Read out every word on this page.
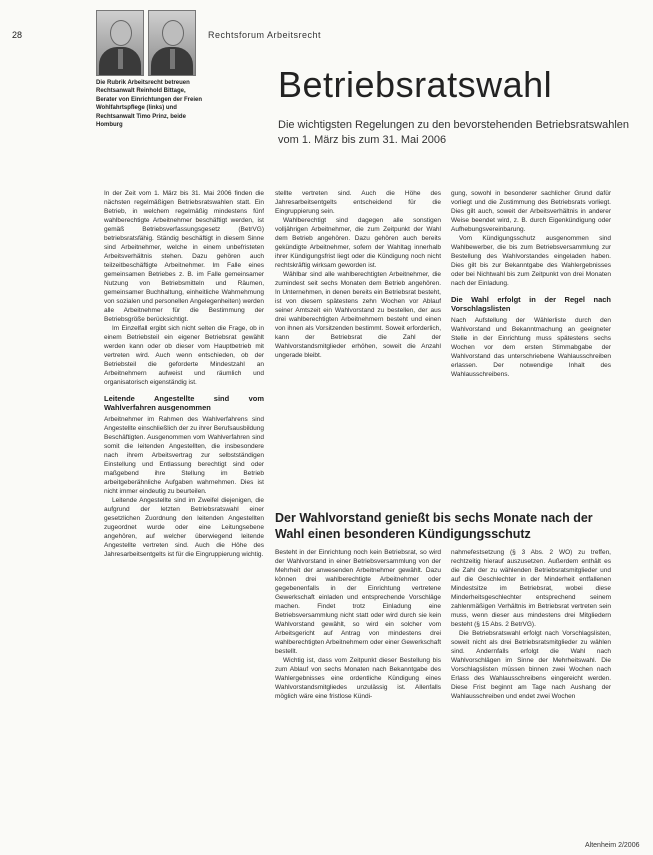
28	Rechtsforum Arbeitsrecht
Die Rubrik Arbeitsrecht betreuen Rechtsanwalt Reinhold Bittage, Berater von Einrichtungen der Freien Wohlfahrtspflege (links) und Rechtsanwalt Timo Prinz, beide Homburg
Betriebsratswahl
Die wichtigsten Regelungen zu den bevorstehenden Betriebsratswahlen vom 1. März bis zum 31. Mai 2006

In der Zeit vom 1. März bis 31. Mai 2006 finden die nächsten regelmäßigen Betriebsratswahlen statt. Ein Betrieb, in welchem regelmäßig mindestens fünf wahlberechtigte Arbeitnehmer beschäftigt werden, ist gemäß Betriebsverfassungsgesetz (BetrVG) betriebsratsfähig. Ständig beschäftigt in diesem Sinne sind Arbeitnehmer, welche in einem unbefristeten Arbeitsverhältnis stehen. Dazu gehören auch teilzeitbeschäftigte Arbeitnehmer. Im Falle eines gemeinsamen Betriebes z. B. im Falle gemeinsamer Nutzung von Betriebsmitteln und Räumen, gemeinsamer Buchhaltung, einheitliche Wahrnehmung von sozialen und personellen Angelegenheiten) werden alle Arbeitnehmer für die Bestimmung der Betriebsgröße berücksichtigt.

Im Einzelfall ergibt sich nicht selten die Frage, ob in einem Betriebsteil ein eigener Betriebsrat gewählt werden kann oder ob dieser vom Hauptbetrieb mit vertreten wird. Auch wenn entschieden, ob der Betriebsteil die geforderte Mindestzahl an Arbeitnehmern aufweist und räumlich und organisatorisch eigenständig ist.

Leitende Angestellte sind vom Wahlverfahren ausgenommen

Arbeitnehmer im Rahmen des Wahlverfahrens sind Angestellte einschließlich der zu ihrer Berufsausbildung Beschäftigten. Ausgenommen vom Wahlverfahren sind somit die leitenden Angestellten, die insbesondere nach ihrem Arbeitsvertrag zur selbstständigen Einstellung und Entlassung berechtigt sind oder maßgebend ihre Stellung im Betrieb arbeitgeberähnliche Aufgaben wahrnehmen. Dies ist nicht immer eindeutig zu beurteilen.

Leitende Angestellte sind im Zweifel diejenigen, die aufgrund der letzten Betriebsratswahl einer gesetzlichen Zuordnung den leitenden Angestellten zugeordnet wurde oder eine Leitungsebene angehören, auf welcher überwiegend leitende Angestellte vertreten sind. Auch die Höhe des Jahresarbeitsentgelts ist für die Eingruppierung wichtig.

stellte vertreten sind. Auch die Höhe des Jahresarbeitsentgelts entscheidend für die Eingruppierung sein.

Wahlberechtigt sind dagegen alle sonstigen volljährigen Arbeitnehmer, die zum Zeitpunkt der Wahl dem Betrieb angehören. Dazu gehören auch bereits gekündigte Arbeitnehmer, sofern der Wahltag innerhalb ihrer Kündigungsfrist liegt oder die Kündigung noch nicht rechtskräftig wirksam geworden ist.

Wählbar sind alle wahlberechtigten Arbeitnehmer, die zumindest seit sechs Monaten dem Betrieb angehören. In Unternehmen, in denen bereits ein Betriebsrat besteht, ist von diesem spätestens zehn Wochen vor Ablauf seiner Amtszeit ein Wahlvorstand zu bestellen, der aus drei wahlberechtigten Arbeitnehmern besteht und einen von ihnen als Vorsitzenden bestimmt. Soweit erforderlich, kann der Betriebsrat die Zahl der Wahlvorstandsmitglieder erhöhen, soweit die Anzahl ungerade bleibt.

gung, sowohl in besonderer sachlicher Grund dafür vorliegt und die Zustimmung des Betriebsrats vorliegt. Dies gilt auch, soweit der Arbeitsverhältnis in anderer Weise beendet wird, z. B. durch Eigenkündigung oder Aufhebungsvereinbarung.

Vom Kündigungsschutz ausgenommen sind Wahlbewerber, die bis zum Betriebsversammlung zur Bestellung des Wahlvorstandes eingeladen haben. Dies gilt bis zur Bekanntgabe des Wahlergebnisses oder bei Nichtwahl bis zum Zeitpunkt von drei Monaten nach der Einladung.

Die Wahl erfolgt in der Regel nach Vorschlagslisten

Nach Aufstellung der Wählerliste durch den Wahlvorstand und Bekanntmachung an geeigneter Stelle in der Einrichtung muss spätestens sechs Wochen vor dem ersten Stimmabgabe der Wahlvorstand das unterschriebene Wahlausschreiben erlassen. Der notwendige Inhalt des Wahlausschreibens.

Der Wahlvorstand genießt bis sechs Monate nach der Wahl einen besonderen Kündigungsschutz

Besteht in der Einrichtung noch kein Betriebsrat, so wird der Wahlvorstand in einer Betriebsversammlung von der Mehrheit der anwesenden Arbeitnehmer gewählt. Dazu können drei wahlberechtigte Arbeitnehmer oder gegebenenfalls in der Einrichtung vertretene Gewerkschaft einladen und entsprechende Vorschläge machen. Findet trotz Einladung eine Betriebsversammlung nicht statt oder wird durch sie kein Wahlvorstand gewählt, so wird ein solcher vom Arbeitsgericht auf Antrag von mindestens drei wahlberechtigten Arbeitnehmern oder einer Gewerkschaft bestellt.

Wichtig ist, dass vom Zeitpunkt dieser Bestellung bis zum Ablauf von sechs Monaten nach Bekanntgabe des Wahlergebnisses eine ordentliche Kündigung eines Wahlvorstandsmitgliedes unzulässig ist. Allenfalls möglich wäre eine fristlose Kündi-

nahmefestsetzung (§ 3 Abs. 2 WO) zu treffen, rechtzeitig hierauf auszusetzen. Außerdem enthält es die Zahl der zu wählenden Betriebsratsmitglieder und auf die Geschlechter in der Minderheit entfallenen Mindestsitze im Betriebsrat, wobei diese Minderheitsgeschlechter entsprechend seinem zahlenmäßigen Verhältnis im Betriebsrat vertreten sein muss, wenn dieser aus mindestens drei Mitgliedern besteht (§ 15 Abs. 2 BetrVG).

Die Betriebsratswahl erfolgt nach Vorschlagslisten, soweit nicht als drei Betriebsratsmitglieder zu wählen sind. Andernfalls erfolgt die Wahl nach Wahlvorschlägen im Sinne der Mehrheitswahl. Die Vorschlagslisten müssen binnen zwei Wochen nach Erlass des Wahlausschreibens eingereicht werden. Diese Frist beginnt am Tage nach Aushang der Wahlausschreiben und endet zwei Wochen

Altenheim 2/2006
